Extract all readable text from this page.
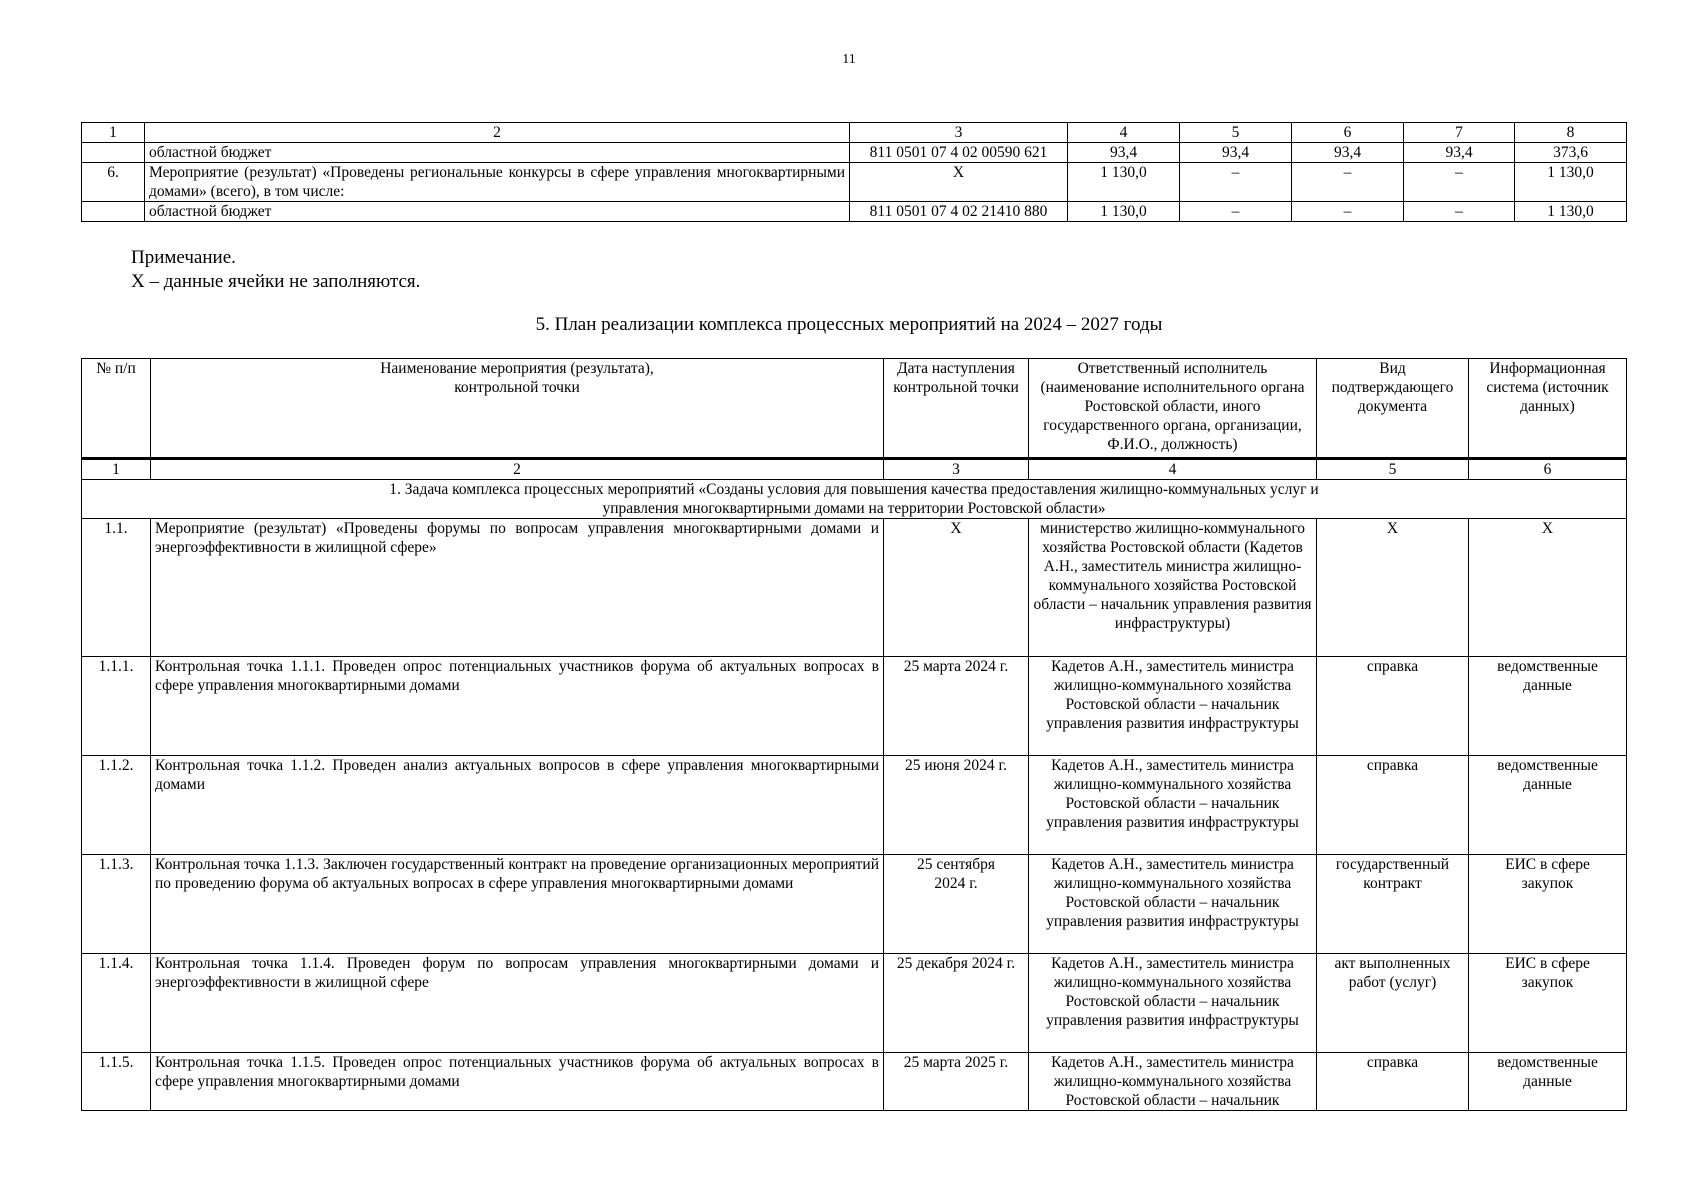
11
1	2	3	4	5	6	7	8
	областной бюджет	811 0501 07 4 02 00590 621	93,4	93,4	93,4	93,4	373,6
6.	Мероприятие (результат) «Проведены региональные конкурсы в сфере управления многоквартирными домами» (всего), в том числе:	Х	1 130,0	–	–	–	1 130,0
	областной бюджет	811 0501 07 4 02 21410 880	1 130,0	–	–	–	1 130,0
Примечание.
Х – данные ячейки не заполняются.
5. План реализации комплекса процессных мероприятий на 2024 – 2027 годы
№ п/п	Наименование мероприятия (результата), контрольной точки	Дата наступления контрольной точки	Ответственный исполнитель (наименование исполнительного органа Ростовской области, иного государственного органа, организации, Ф.И.О., должность)	Вид подтверждающего документа	Информационная система (источник данных)
1	2	3	4	5	6
1. Задача комплекса процессных мероприятий «Созданы условия для повышения качества предоставления жилищно-коммунальных услуг и управления многоквартирными домами на территории Ростовской области»					
1.1.	Мероприятие (результат) «Проведены форумы по вопросам управления многоквартирными домами и энергоэффективности в жилищной сфере»	Х	министерство жилищно-коммунального хозяйства Ростовской области (Кадетов А.Н., заместитель министра жилищно-коммунального хозяйства Ростовской области – начальник управления развития инфраструктуры)	Х	Х
1.1.1.	Контрольная точка 1.1.1. Проведен опрос потенциальных участников форума об актуальных вопросах в сфере управления многоквартирными домами	25 марта 2024 г.	Кадетов А.Н., заместитель министра жилищно-коммунального хозяйства Ростовской области – начальник управления развития инфраструктуры	справка	ведомственные данные
1.1.2.	Контрольная точка 1.1.2. Проведен анализ актуальных вопросов в сфере управления многоквартирными домами	25 июня 2024 г.	Кадетов А.Н., заместитель министра жилищно-коммунального хозяйства Ростовской области – начальник управления развития инфраструктуры	справка	ведомственные данные
1.1.3.	Контрольная точка 1.1.3. Заключен государственный контракт на проведение организационных мероприятий по проведению форума об актуальных вопросах в сфере управления многоквартирными домами	25 сентября 2024 г.	Кадетов А.Н., заместитель министра жилищно-коммунального хозяйства Ростовской области – начальник управления развития инфраструктуры	государственный контракт	ЕИС в сфере закупок
1.1.4.	Контрольная точка 1.1.4. Проведен форум по вопросам управления многоквартирными домами и энергоэффективности в жилищной сфере	25 декабря 2024 г.	Кадетов А.Н., заместитель министра жилищно-коммунального хозяйства Ростовской области – начальник управления развития инфраструктуры	акт выполненных работ (услуг)	ЕИС в сфере закупок
1.1.5.	Контрольная точка 1.1.5. Проведен опрос потенциальных участников форума об актуальных вопросах в сфере управления многоквартирными домами	25 марта 2025 г.	Кадетов А.Н., заместитель министра жилищно-коммунального хозяйства Ростовской области – начальник	справка	ведомственные данные
